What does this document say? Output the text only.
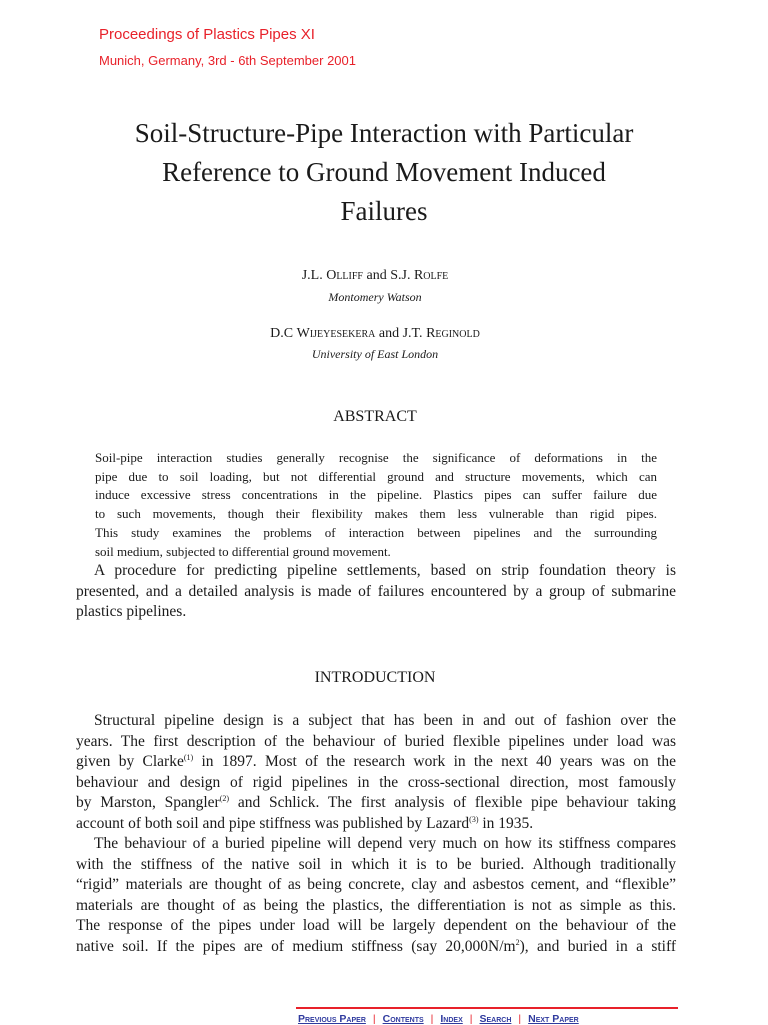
Proceedings of Plastics Pipes XI
Munich, Germany, 3rd - 6th September 2001
Soil-Structure-Pipe Interaction with Particular
Reference to Ground Movement Induced
Failures
J.L. Olliff and S.J. Rolfe
Montomery Watson
D.C Wijeyesekera and J.T. Reginold
University of East London
ABSTRACT
Soil-pipe interaction studies generally recognise the significance of deformations in the
pipe due to soil loading, but not differential ground and structure movements, which can
induce excessive stress concentrations in the pipeline. Plastics pipes can suffer failure due
to such movements, though their flexibility makes them less vulnerable than rigid pipes.
This study examines the problems of interaction between pipelines and the surrounding
soil medium, subjected to differential ground movement.
A procedure for predicting pipeline settlements, based on strip foundation theory is
presented, and a detailed analysis is made of failures encountered by a group of submarine
plastics pipelines.
INTRODUCTION
Structural pipeline design is a subject that has been in and out of fashion over the
years. The first description of the behaviour of buried flexible pipelines under load was
given by Clarke$^{(1)}$ in 1897. Most of the research work in the next 40 years was on the
behaviour and design of rigid pipelines in the cross-sectional direction, most famously
by Marston, Spangler$^{(2)}$ and Schlick. The first analysis of flexible pipe behaviour taking
account of both soil and pipe stiffness was published by Lazard$^{(3)}$ in 1935.
The behaviour of a buried pipeline will depend very much on how its stiffness compares
with the stiffness of the native soil in which it is to be buried. Although traditionally
“rigid” materials are thought of as being concrete, clay and asbestos cement, and “flexible”
materials are thought of as being the plastics, the differentiation is not as simple as this.
The response of the pipes under load will be largely dependent on the behaviour of the
native soil. If the pipes are of medium stiffness (say $20,000N/m^2$), and buried in a stiff
Previous Paper | Contents | Index | Search | Next Paper
